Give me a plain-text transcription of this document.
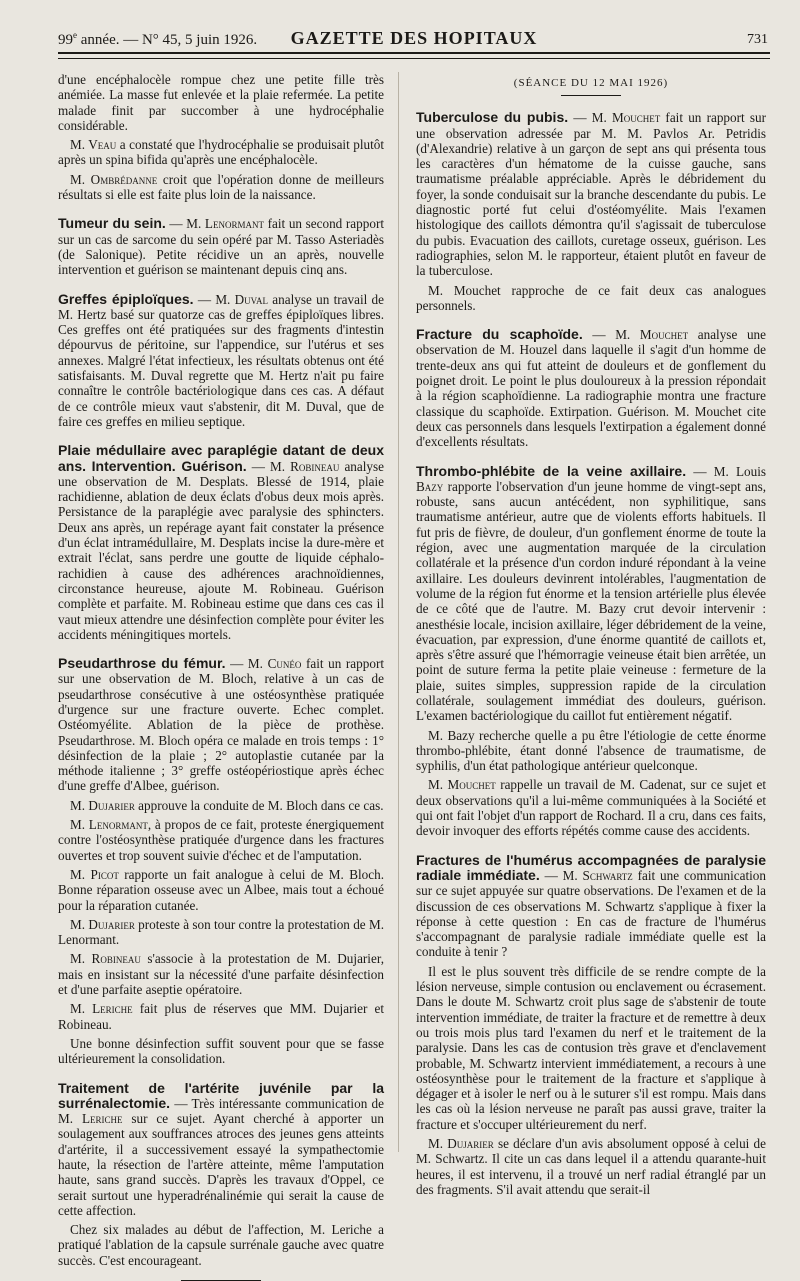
99e année. — N° 45, 5 juin 1926.	GAZETTE DES HOPITAUX	731

d'une encéphalocèle rompue chez une petite fille très anémiée. La masse fut enlevée et la plaie refermée. La petite malade finit par succomber à une hydrocéphalie considérable.

M. Veau a constaté que l'hydrocéphalie se produisait plutôt après un spina bifida qu'après une encéphalocèle.

M. Ombrédanne croit que l'opération donne de meilleurs résultats si elle est faite plus loin de la naissance.

Tumeur du sein. — M. Lenormant fait un second rapport sur un cas de sarcome du sein opéré par M. Tasso Asteriadès (de Salonique). Petite récidive un an après, nouvelle intervention et guérison se maintenant depuis cinq ans.

Greffes épiploïques. — M. Duval analyse un travail de M. Hertz basé sur quatorze cas de greffes épiploïques libres. Ces greffes ont été pratiquées sur des fragments d'intestin dépourvus de péritoine, sur l'appendice, sur l'utérus et ses annexes. Malgré l'état infectieux, les résultats obtenus ont été satisfaisants. M. Duval regrette que M. Hertz n'ait pu faire connaître le contrôle bactériologique dans ces cas. A défaut de ce contrôle mieux vaut s'abstenir, dit M. Duval, que de faire ces greffes en milieu septique.

Plaie médullaire avec paraplégie datant de deux ans. Intervention. Guérison. — M. Robineau analyse une observation de M. Desplats. Blessé de 1914, plaie rachidienne, ablation de deux éclats d'obus deux mois après. Persistance de la paraplégie avec paralysie des sphincters. Deux ans après, un repérage ayant fait constater la présence d'un éclat intramédullaire, M. Desplats incise la dure-mère et extrait l'éclat, sans perdre une goutte de liquide céphalo-rachidien à cause des adhérences arachnoïdiennes, circonstance heureuse, ajoute M. Robineau. Guérison complète et parfaite. M. Robineau estime que dans ces cas il vaut mieux attendre une désinfection complète pour éviter les accidents méningitiques mortels.

Pseudarthrose du fémur. — M. Cunéo fait un rapport sur une observation de M. Bloch, relative à un cas de pseudarthrose consécutive à une ostéosynthèse pratiquée d'urgence sur une fracture ouverte. Echec complet. Ostéomyélite. Ablation de la pièce de prothèse. Pseudarthrose. M. Bloch opéra ce malade en trois temps : 1° désinfection de la plaie ; 2° autoplastie cutanée par la méthode italienne ; 3° greffe ostéopériostique après échec d'une greffe d'Albee, guérison.

M. Dujarier approuve la conduite de M. Bloch dans ce cas.

M. Lenormant, à propos de ce fait, proteste énergiquement contre l'ostéosynthèse pratiquée d'urgence dans les fractures ouvertes et trop souvent suivie d'échec et de l'amputation.

M. Picot rapporte un fait analogue à celui de M. Bloch. Bonne réparation osseuse avec un Albee, mais tout a échoué pour la réparation cutanée.

M. Dujarier proteste à son tour contre la protestation de M. Lenormant.

M. Robineau s'associe à la protestation de M. Dujarier, mais en insistant sur la nécessité d'une parfaite désinfection et d'une parfaite aseptie opératoire.

M. Leriche fait plus de réserves que MM. Dujarier et Robineau.

Une bonne désinfection suffit souvent pour que se fasse ultérieurement la consolidation.

Traitement de l'artérite juvénile par la surrénalectomie. — Très intéressante communication de M. Leriche sur ce sujet. Ayant cherché à apporter un soulagement aux souffrances atroces des jeunes gens atteints d'artérite, il a successivement essayé la sympathectomie haute, la résection de l'artère atteinte, même l'amputation haute, sans grand succès. D'après les travaux d'Oppel, ce serait surtout une hyperadrénalinémie qui serait la cause de cette affection.

Chez six malades au début de l'affection, M. Leriche a pratiqué l'ablation de la capsule surrénale gauche avec quatre succès. C'est encourageant.

(SÉANCE DU 12 MAI 1926)

Tuberculose du pubis. — M. Mouchet fait un rapport sur une observation adressée par M. M. Pavlos Ar. Petridis (d'Alexandrie) relative à un garçon de sept ans qui présenta tous les caractères d'un hématome de la cuisse gauche, sans traumatisme préalable appréciable. Après le débridement du foyer, la sonde conduisait sur la branche descendante du pubis. Le diagnostic porté fut celui d'ostéomyélite. Mais l'examen histologique des caillots démontra qu'il s'agissait de tuberculose du pubis. Evacuation des caillots, curetage osseux, guérison. Les radiographies, selon M. le rapporteur, étaient plutôt en faveur de la tuberculose.

M. Mouchet rapproche de ce fait deux cas analogues personnels.

Fracture du scaphoïde. — M. Mouchet analyse une observation de M. Houzel dans laquelle il s'agit d'un homme de trente-deux ans qui fut atteint de douleurs et de gonflement du poignet droit. Le point le plus douloureux à la pression répondait à la région scaphoïdienne. La radiographie montra une fracture classique du scaphoïde. Extirpation. Guérison. M. Mouchet cite deux cas personnels dans lesquels l'extirpation a également donné d'excellents résultats.

Thrombo-phlébite de la veine axillaire. — M. Louis Bazy rapporte l'observation d'un jeune homme de vingt-sept ans, robuste, sans aucun antécédent, non syphilitique, sans traumatisme antérieur, autre que de violents efforts habituels. Il fut pris de fièvre, de douleur, d'un gonflement énorme de toute la région, avec une augmentation marquée de la circulation collatérale et la présence d'un cordon induré répondant à la veine axillaire. Les douleurs devinrent intolérables, l'augmentation de volume de la région fut énorme et la tension artérielle plus élevée de ce côté que de l'autre. M. Bazy crut devoir intervenir : anesthésie locale, incision axillaire, léger débridement de la veine, évacuation, par expression, d'une énorme quantité de caillots et, après s'être assuré que l'hémorragie veineuse était bien arrêtée, un point de suture ferma la petite plaie veineuse : fermeture de la plaie, suites simples, suppression rapide de la circulation collatérale, soulagement immédiat des douleurs, guérison. L'examen bactériologique du caillot fut entièrement négatif.

M. Bazy recherche quelle a pu être l'étiologie de cette énorme thrombo-phlébite, étant donné l'absence de traumatisme, de syphilis, d'un état pathologique antérieur quelconque.

M. Mouchet rappelle un travail de M. Cadenat, sur ce sujet et deux observations qu'il a lui-même communiquées à la Société et qui ont fait l'objet d'un rapport de Rochard. Il a cru, dans ces faits, devoir invoquer des efforts répétés comme cause des accidents.

Fractures de l'humérus accompagnées de paralysie radiale immédiate. — M. Schwartz fait une communication sur ce sujet appuyée sur quatre observations. De l'examen et de la discussion de ces observations M. Schwartz s'applique à fixer la réponse à cette question : En cas de fracture de l'humérus s'accompagnant de paralysie radiale immédiate quelle est la conduite à tenir ?

Il est le plus souvent très difficile de se rendre compte de la lésion nerveuse, simple contusion ou enclavement ou écrasement. Dans le doute M. Schwartz croit plus sage de s'abstenir de toute intervention immédiate, de traiter la fracture et de remettre à deux ou trois mois plus tard l'examen du nerf et le traitement de la paralysie. Dans les cas de contusion très grave et d'enclavement probable, M. Schwartz intervient immédiatement, a recours à une ostéosynthèse pour le traitement de la fracture et s'applique à dégager et à isoler le nerf ou à le suturer s'il est rompu. Mais dans les cas où la lésion nerveuse ne paraît pas aussi grave, traiter la fracture et s'occuper ultérieurement du nerf.

M. Dujarier se déclare d'un avis absolument opposé à celui de M. Schwartz. Il cite un cas dans lequel il a attendu quarante-huit heures, il est intervenu, il a trouvé un nerf radial étranglé par un des fragments. S'il avait attendu que serait-il
